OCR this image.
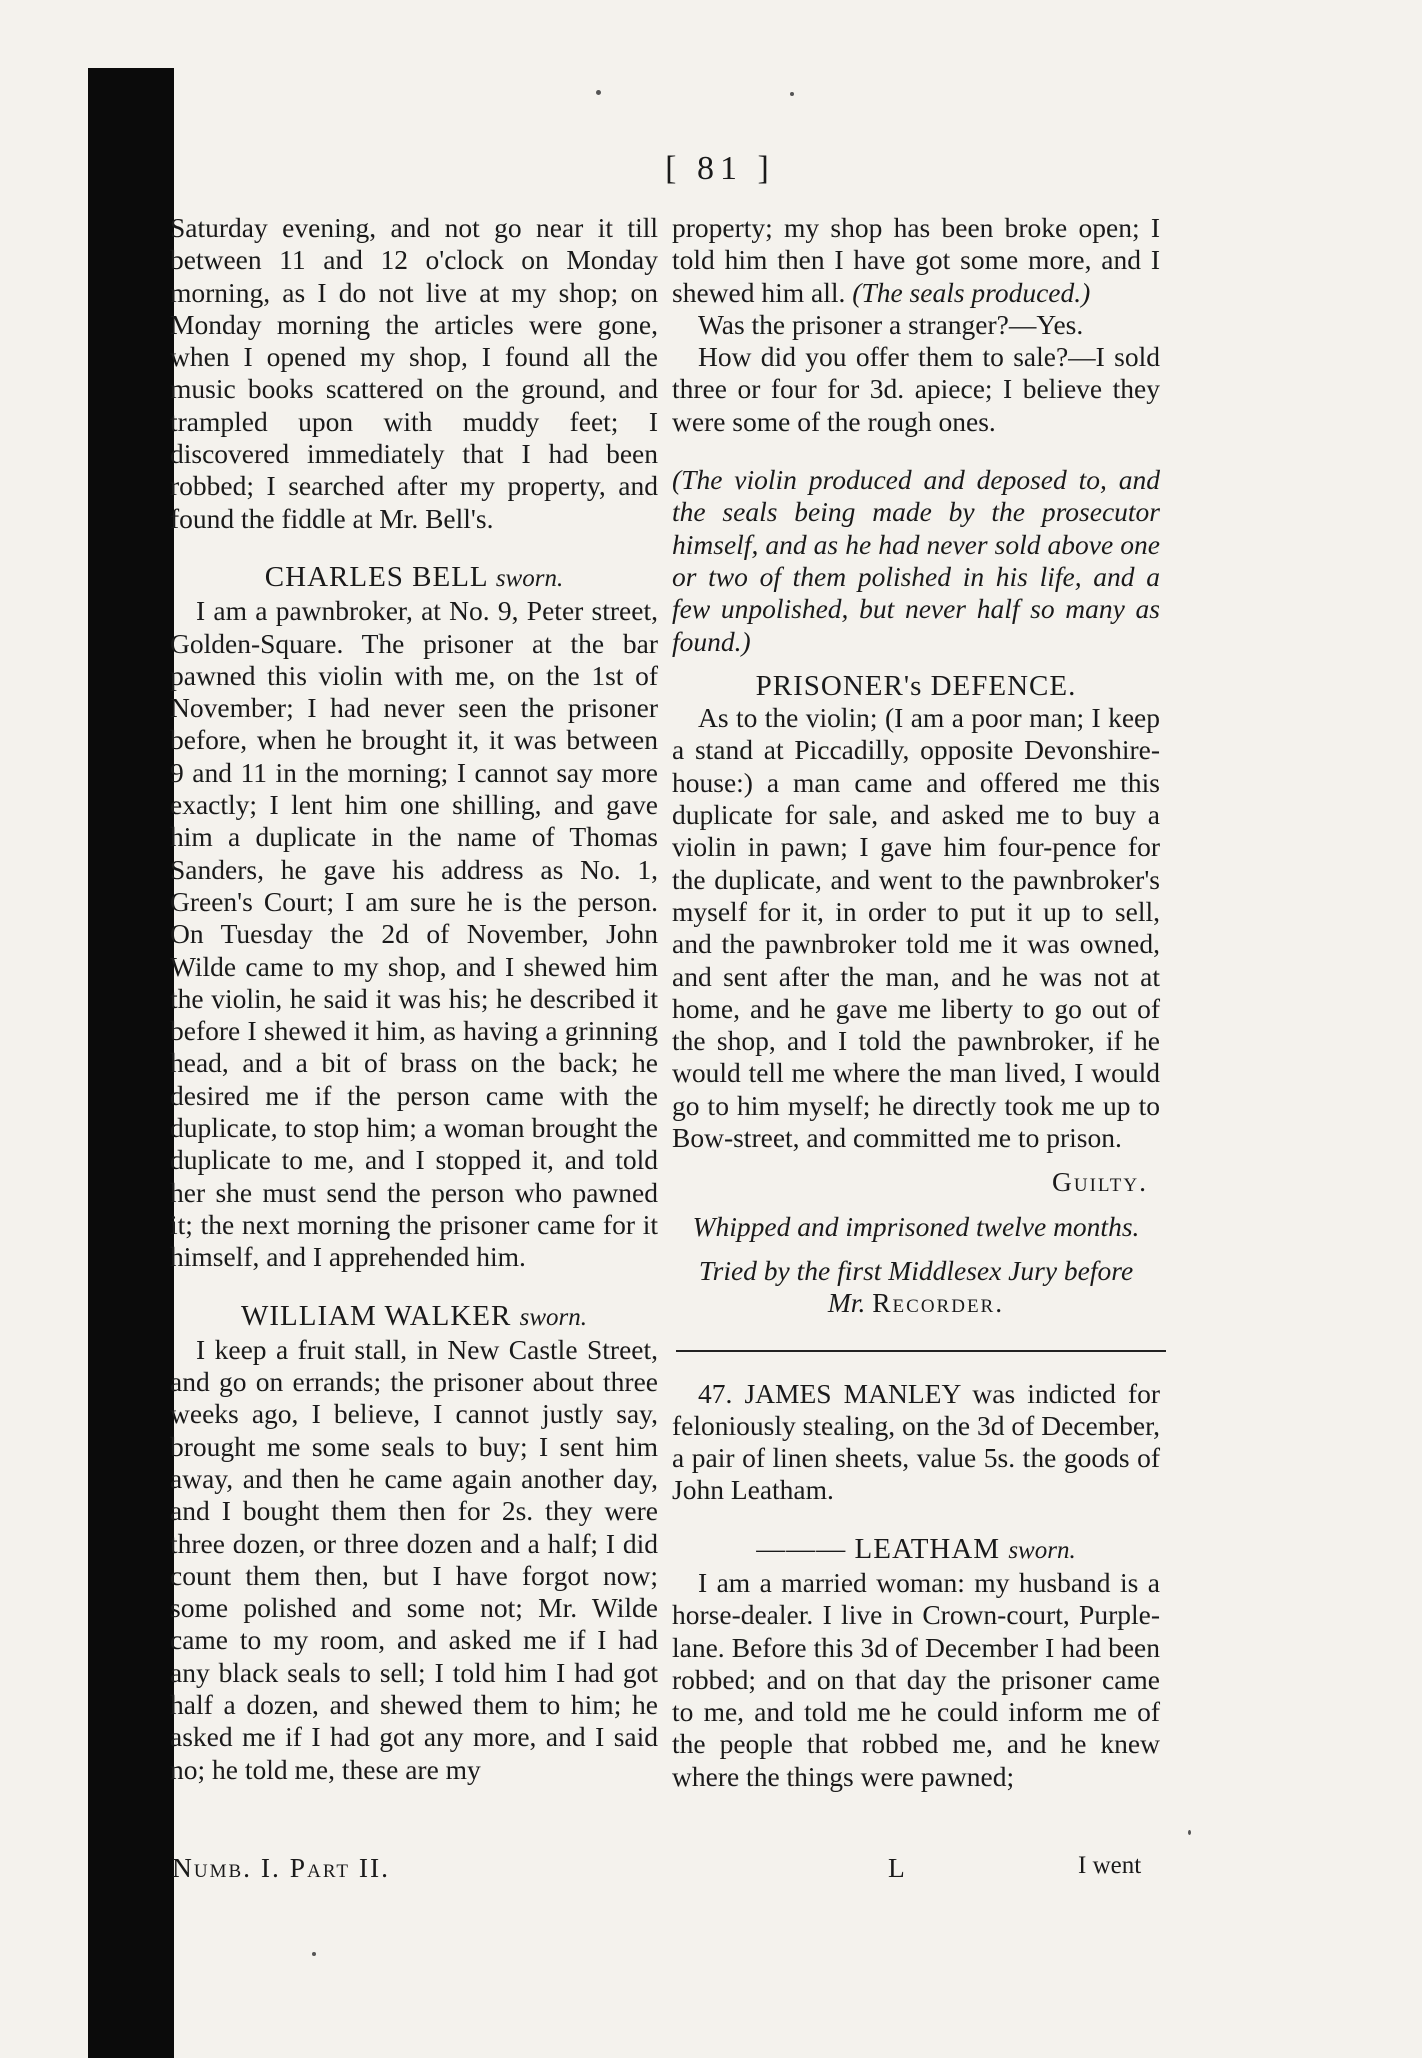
[ 81 ]

Saturday evening, and not go near it till between 11 and 12 o'clock on Monday morning, as I do not live at my shop; on Monday morning the articles were gone, when I opened my shop, I found all the music books scattered on the ground, and trampled upon with muddy feet; I discovered immediately that I had been robbed; I searched after my property, and found the fiddle at Mr. Bell's.

CHARLES BELL sworn.

I am a pawnbroker, at No. 9, Peter street, Golden-Square. The prisoner at the bar pawned this violin with me, on the 1st of November; I had never seen the prisoner before, when he brought it, it was between 9 and 11 in the morning; I cannot say more exactly; I lent him one shilling, and gave him a duplicate in the name of Thomas Sanders, he gave his address as No. 1, Green's Court; I am sure he is the person. On Tuesday the 2d of November, John Wilde came to my shop, and I shewed him the violin, he said it was his; he described it before I shewed it him, as having a grinning head, and a bit of brass on the back; he desired me if the person came with the duplicate, to stop him; a woman brought the duplicate to me, and I stopped it, and told her she must send the person who pawned it; the next morning the prisoner came for it himself, and I apprehended him.

WILLIAM WALKER sworn.

I keep a fruit stall, in New Castle Street, and go on errands; the prisoner about three weeks ago, I believe, I cannot justly say, brought me some seals to buy; I sent him away, and then he came again another day, and I bought them then for 2s. they were three dozen, or three dozen and a half; I did count them then, but I have forgot now; some polished and some not; Mr. Wilde came to my room, and asked me if I had any black seals to sell; I told him I had got half a dozen, and shewed them to him; he asked me if I had got any more, and I said no; he told me, these are my

property; my shop has been broke open; I told him then I have got some more, and I shewed him all. (The seals produced.)

Was the prisoner a stranger?—Yes.

How did you offer them to sale?—I sold three or four for 3d. apiece; I believe they were some of the rough ones.

(The violin produced and deposed to, and the seals being made by the prosecutor himself, and as he had never sold above one or two of them polished in his life, and a few unpolished, but never half so many as found.)

PRISONER's DEFENCE.

As to the violin; (I am a poor man; I keep a stand at Piccadilly, opposite Devonshire-house:) a man came and offered me this duplicate for sale, and asked me to buy a violin in pawn; I gave him four-pence for the duplicate, and went to the pawnbroker's myself for it, in order to put it up to sell, and the pawnbroker told me it was owned, and sent after the man, and he was not at home, and he gave me liberty to go out of the shop, and I told the pawnbroker, if he would tell me where the man lived, I would go to him myself; he directly took me up to Bow-street, and committed me to prison.

Guilty.

Whipped and imprisoned twelve months.

Tried by the first Middlesex Jury before

Mr. Recorder.

47. JAMES MANLEY was indicted for feloniously stealing, on the 3d of December, a pair of linen sheets, value 5s. the goods of John Leatham.

——— LEATHAM sworn.

I am a married woman: my husband is a horse-dealer. I live in Crown-court, Purple-lane. Before this 3d of December I had been robbed; and on that day the prisoner came to me, and told me he could inform me of the people that robbed me, and he knew where the things were pawned;

Numb. I. Part II.	L	I went
